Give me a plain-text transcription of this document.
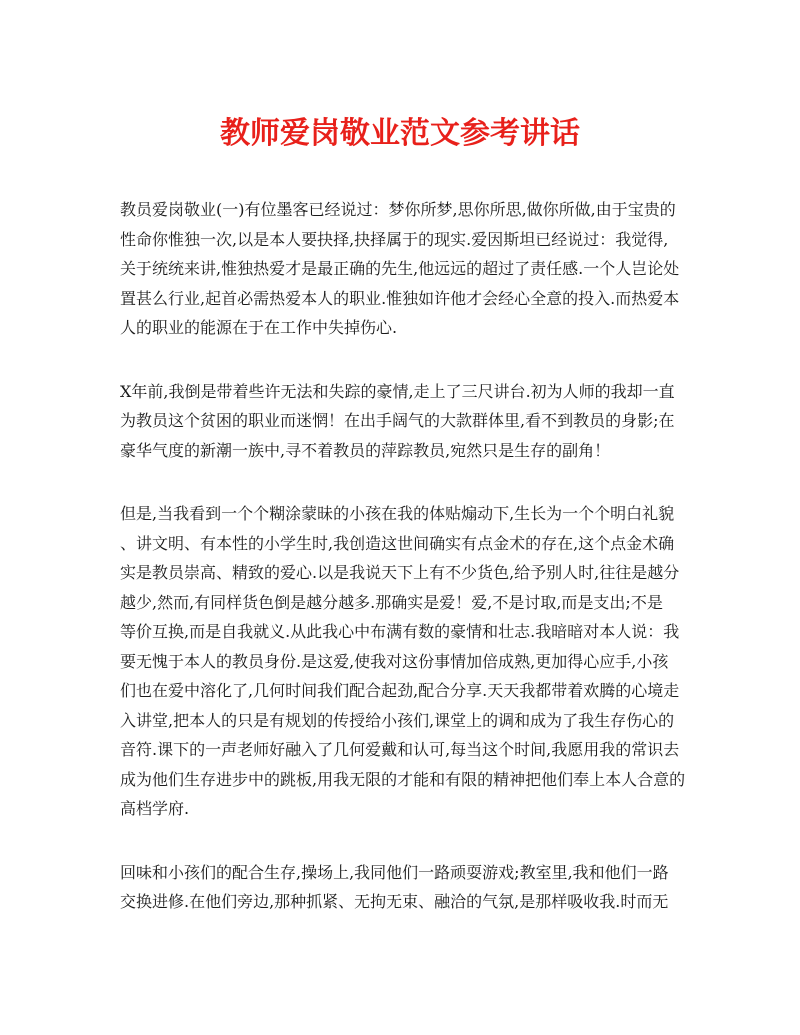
教师爱岗敬业范文参考讲话

教员爱岗敬业(一)有位墨客已经说过：梦你所梦,思你所思,做你所做,由于宝贵的
性命你惟独一次,以是本人要抉择,抉择属于的现实.爱因斯坦已经说过：我觉得,
关于统统来讲,惟独热爱才是最正确的先生,他远远的超过了责任感.一个人岂论处
置甚么行业,起首必需热爱本人的职业.惟独如许他才会经心全意的投入.而热爱本
人的职业的能源在于在工作中失掉伤心.

X年前,我倒是带着些许无法和失踪的豪情,走上了三尺讲台.初为人师的我却一直
为教员这个贫困的职业而迷惘！在出手阔气的大款群体里,看不到教员的身影;在
豪华气度的新潮一族中,寻不着教员的萍踪教员,宛然只是生存的副角！

但是,当我看到一个个糊涂蒙昧的小孩在我的体贴煽动下,生长为一个个明白礼貌
、讲文明、有本性的小学生时,我创造这世间确实有点金术的存在,这个点金术确
实是教员崇高、精致的爱心.以是我说天下上有不少货色,给予别人时,往往是越分
越少,然而,有同样货色倒是越分越多.那确实是爱！爱,不是讨取,而是支出;不是
等价互换,而是自我就义.从此我心中布满有数的豪情和壮志.我暗暗对本人说：我
要无愧于本人的教员身份.是这爱,使我对这份事情加倍成熟,更加得心应手,小孩
们也在爱中溶化了,几何时间我们配合起劲,配合分享.天天我都带着欢腾的心境走
入讲堂,把本人的只是有规划的传授给小孩们,课堂上的调和成为了我生存伤心的
音符.课下的一声老师好融入了几何爱戴和认可,每当这个时间,我愿用我的常识去
成为他们生存进步中的跳板,用我无限的才能和有限的精神把他们奉上本人合意的
高档学府.

回味和小孩们的配合生存,操场上,我同他们一路顽耍游戏;教室里,我和他们一路
交换进修.在他们旁边,那种抓紧、无拘无束、融洽的气氛,是那样吸收我.时而无
